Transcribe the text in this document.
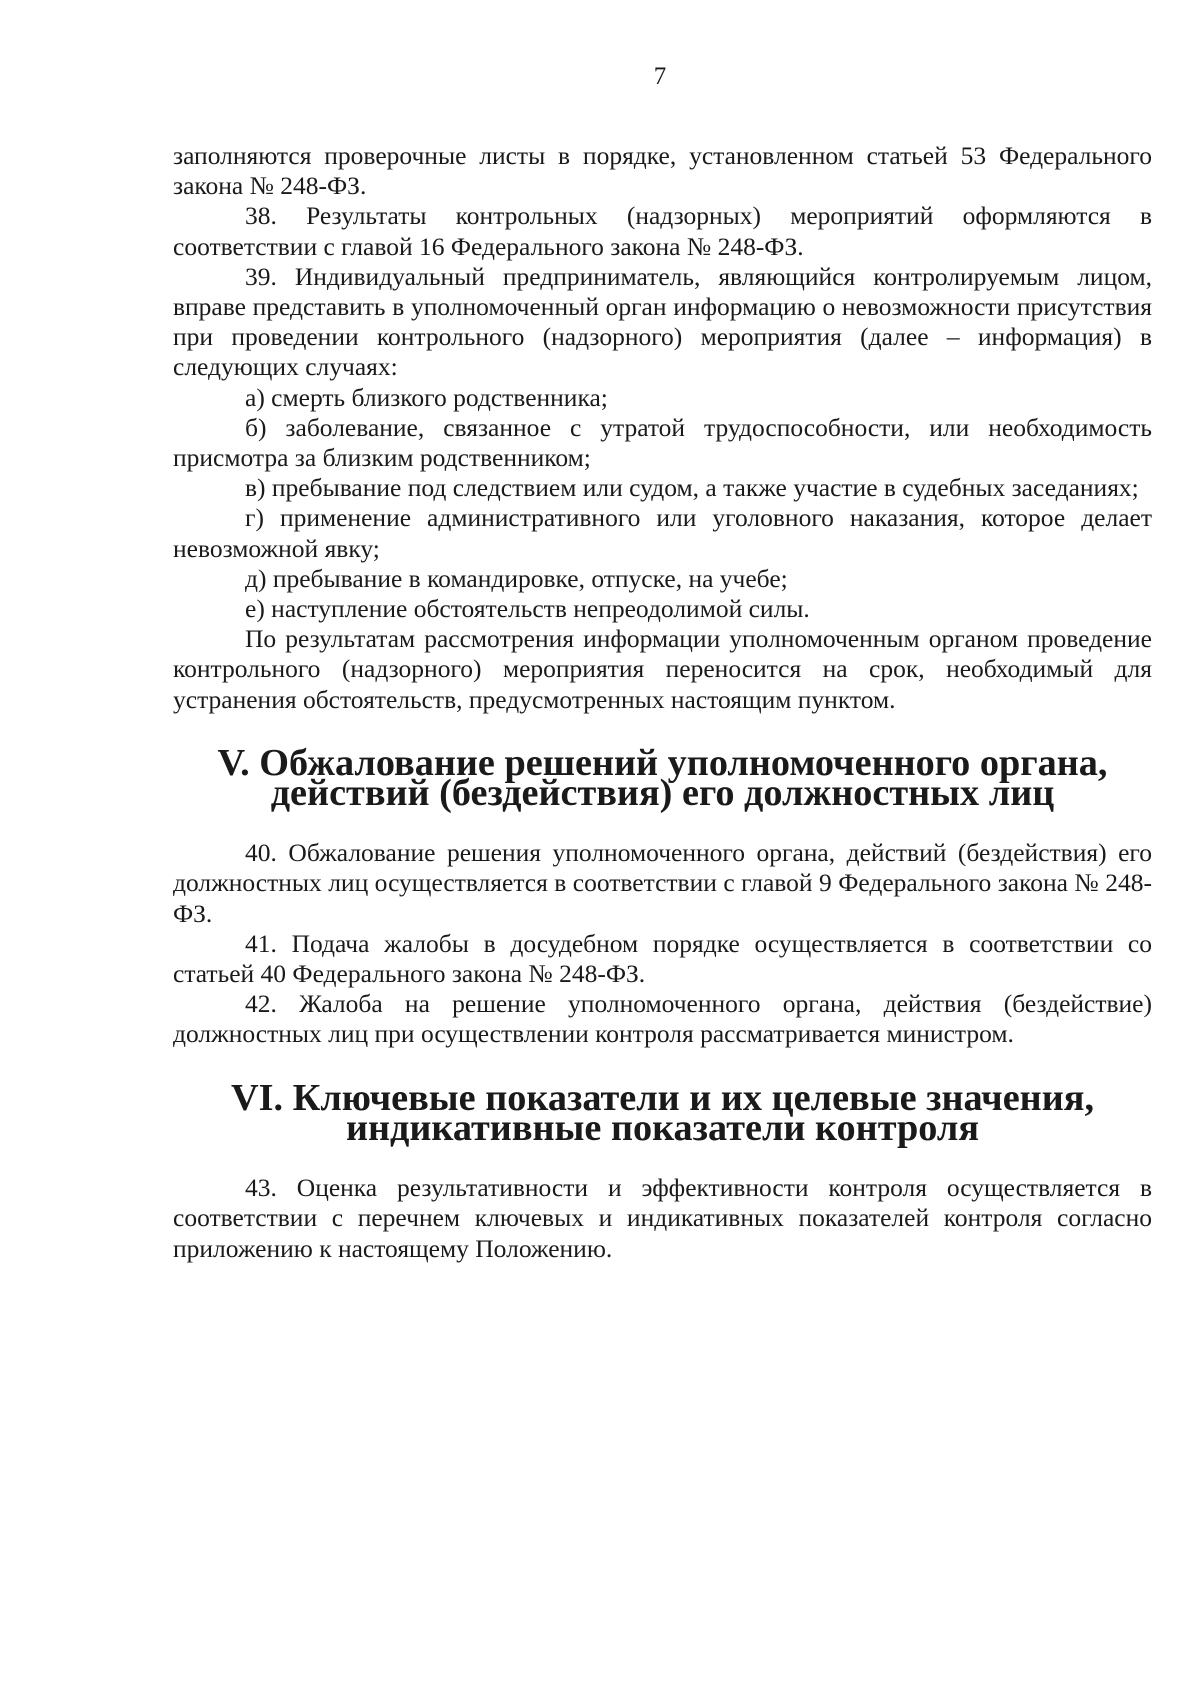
7

заполняются проверочные листы в порядке, установленном статьей 53 Федерального закона № 248-ФЗ.

38. Результаты контрольных (надзорных) мероприятий оформляются в соответствии с главой 16 Федерального закона № 248-ФЗ.

39. Индивидуальный предприниматель, являющийся контролируемым лицом, вправе представить в уполномоченный орган информацию о невозможности присутствия при проведении контрольного (надзорного) мероприятия (далее – информация) в следующих случаях:

а) смерть близкого родственника;

б) заболевание, связанное с утратой трудоспособности, или необходимость присмотра за близким родственником;

в) пребывание под следствием или судом, а также участие в судебных заседаниях;

г) применение административного или уголовного наказания, которое делает невозможной явку;

д) пребывание в командировке, отпуске, на учебе;

е) наступление обстоятельств непреодолимой силы.

По результатам рассмотрения информации уполномоченным органом проведение контрольного (надзорного) мероприятия переносится на срок, необходимый для устранения обстоятельств, предусмотренных настоящим пунктом.

V. Обжалование решений уполномоченного органа, действий (бездействия) его должностных лиц

40. Обжалование решения уполномоченного органа, действий (бездействия) его должностных лиц осуществляется в соответствии с главой 9 Федерального закона № 248-ФЗ.

41. Подача жалобы в досудебном порядке осуществляется в соответствии со статьей 40 Федерального закона № 248-ФЗ.

42. Жалоба на решение уполномоченного органа, действия (бездействие) должностных лиц при осуществлении контроля рассматривается министром.

VI. Ключевые показатели и их целевые значения, индикативные показатели контроля

43. Оценка результативности и эффективности контроля осуществляется в соответствии с перечнем ключевых и индикативных показателей контроля согласно приложению к настоящему Положению.
